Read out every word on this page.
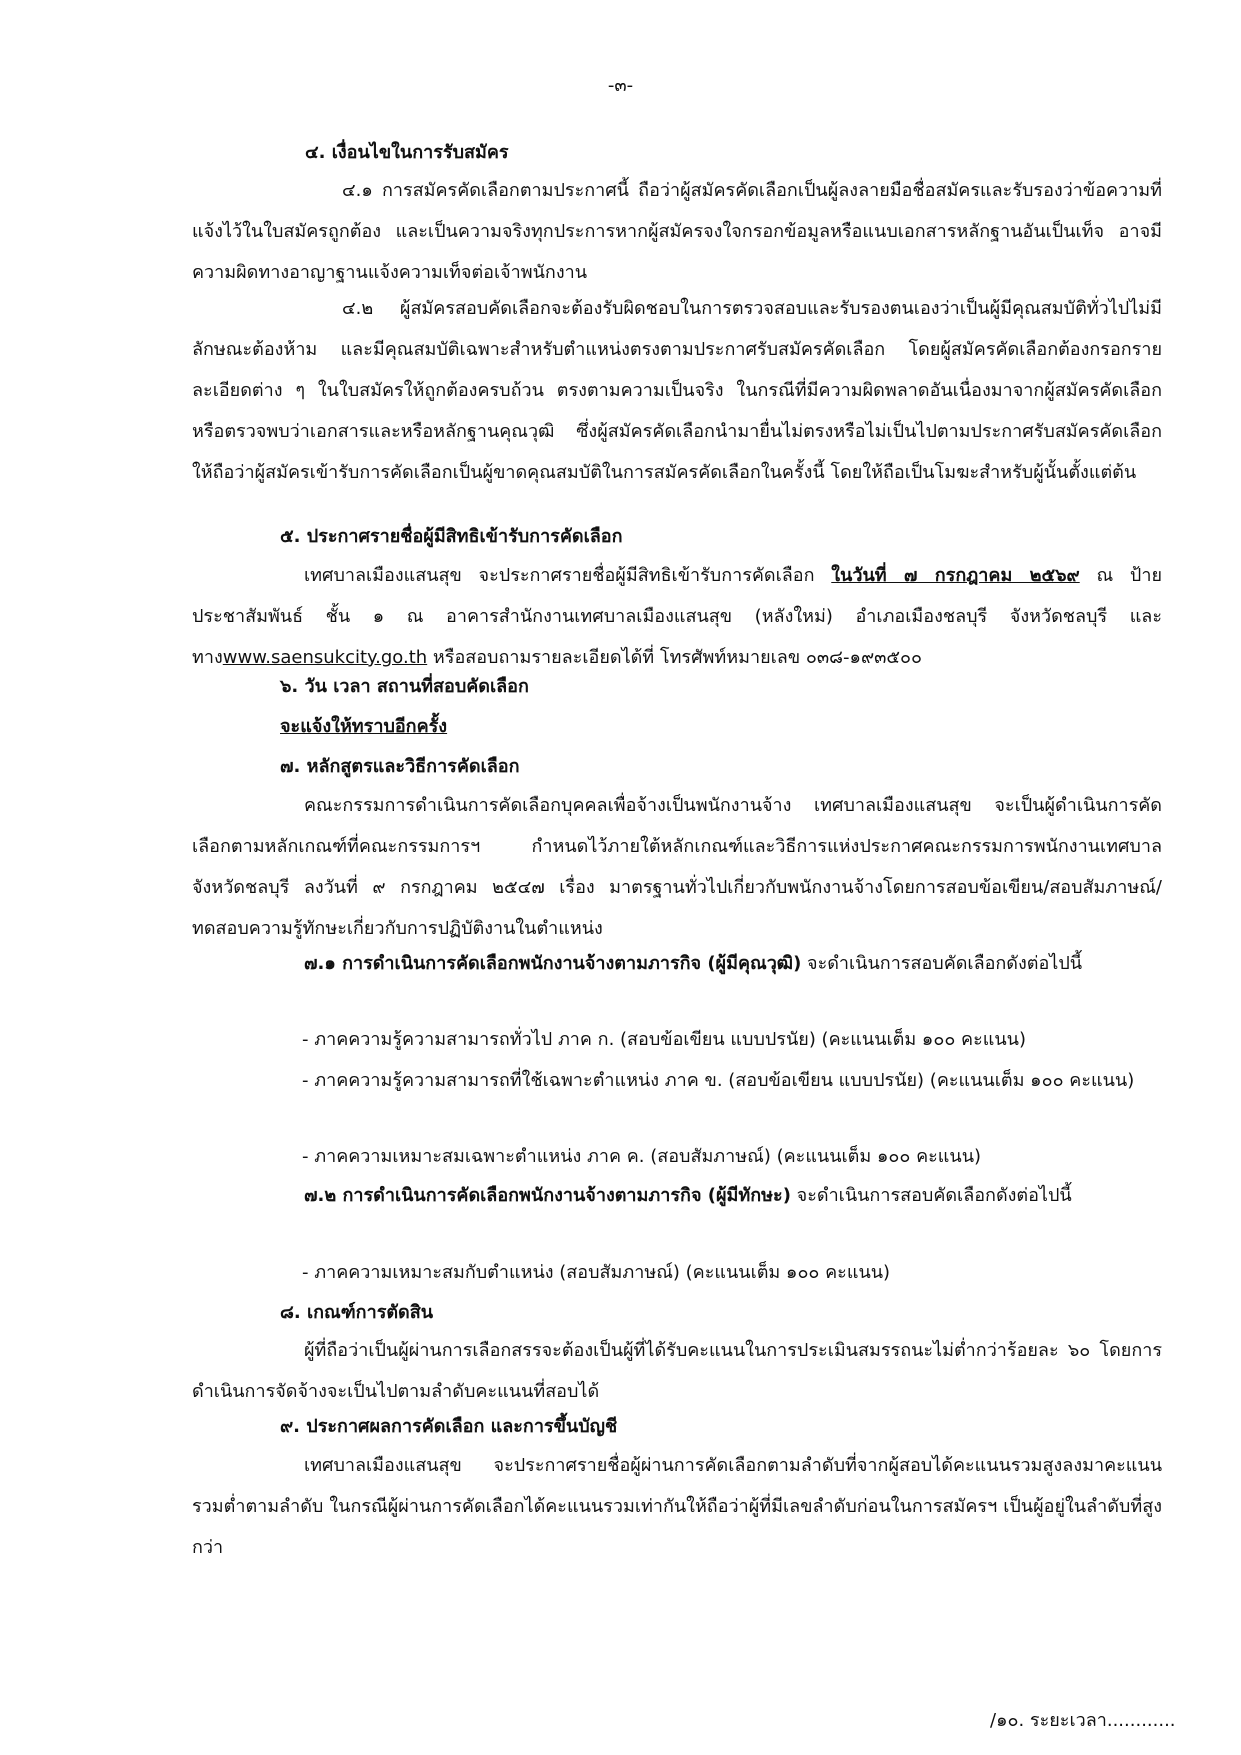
-๓-
๔. เงื่อนไขในการรับสมัคร
๔.๑ การสมัครคัดเลือกตามประกาศนี้ ถือว่าผู้สมัครคัดเลือกเป็นผู้ลงลายมือชื่อสมัครและรับรองว่าข้อความที่แจ้งไว้ในใบสมัครถูกต้อง และเป็นความจริงทุกประการหากผู้สมัครจงใจกรอกข้อมูลหรือแนบเอกสารหลักฐานอันเป็นเท็จ อาจมีความผิดทางอาญาฐานแจ้งความเท็จต่อเจ้าพนักงาน
๔.๒ ผู้สมัครสอบคัดเลือกจะต้องรับผิดชอบในการตรวจสอบและรับรองตนเองว่าเป็นผู้มีคุณสมบัติทั่วไปไม่มีลักษณะต้องห้าม และมีคุณสมบัติเฉพาะสำหรับตำแหน่งตรงตามประกาศรับสมัครคัดเลือก โดยผู้สมัครคัดเลือกต้องกรอกรายละเอียดต่าง ๆ ในใบสมัครให้ถูกต้องครบถ้วน ตรงตามความเป็นจริง ในกรณีที่มีความผิดพลาดอันเนื่องมาจากผู้สมัครคัดเลือก หรือตรวจพบว่าเอกสารและหรือหลักฐานคุณวุฒิ ซึ่งผู้สมัครคัดเลือกนำมายื่นไม่ตรงหรือไม่เป็นไปตามประกาศรับสมัครคัดเลือก ให้ถือว่าผู้สมัครเข้ารับการคัดเลือกเป็นผู้ขาดคุณสมบัติในการสมัครคัดเลือกในครั้งนี้ โดยให้ถือเป็นโมฆะสำหรับผู้นั้นตั้งแต่ต้น
๕. ประกาศรายชื่อผู้มีสิทธิเข้ารับการคัดเลือก
เทศบาลเมืองแสนสุข จะประกาศรายชื่อผู้มีสิทธิเข้ารับการคัดเลือก ในวันที่ ๗ กรกฎาคม ๒๕๖๙ ณ ป้ายประชาสัมพันธ์ ชั้น ๑ ณ อาคารสำนักงานเทศบาลเมืองแสนสุข (หลังใหม่) อำเภอเมืองชลบุรี จังหวัดชลบุรี และทางwww.saensukcity.go.th หรือสอบถามรายละเอียดได้ที่ โทรศัพท์หมายเลข ๐๓๘-๑๙๓๕๐๐
๖. วัน เวลา สถานที่สอบคัดเลือก
จะแจ้งให้ทราบอีกครั้ง
๗. หลักสูตรและวิธีการคัดเลือก
คณะกรรมการดำเนินการคัดเลือกบุคคลเพื่อจ้างเป็นพนักงานจ้าง เทศบาลเมืองแสนสุข จะเป็นผู้ดำเนินการคัดเลือกตามหลักเกณฑ์ที่คณะกรรมการฯ กำหนดไว้ภายใต้หลักเกณฑ์และวิธีการแห่งประกาศคณะกรรมการพนักงานเทศบาลจังหวัดชลบุรี ลงวันที่ ๙ กรกฎาคม ๒๕๔๗ เรื่อง มาตรฐานทั่วไปเกี่ยวกับพนักงานจ้างโดยการสอบข้อเขียน/สอบสัมภาษณ์/ทดสอบความรู้ทักษะเกี่ยวกับการปฏิบัติงานในตำแหน่ง
๗.๑ การดำเนินการคัดเลือกพนักงานจ้างตามภารกิจ (ผู้มีคุณวุฒิ) จะดำเนินการสอบคัดเลือกดังต่อไปนี้
- ภาคความรู้ความสามารถทั่วไป ภาค ก. (สอบข้อเขียน แบบปรนัย) (คะแนนเต็ม ๑๐๐ คะแนน)
- ภาคความรู้ความสามารถที่ใช้เฉพาะตำแหน่ง ภาค ข. (สอบข้อเขียน แบบปรนัย) (คะแนนเต็ม ๑๐๐ คะแนน)
- ภาคความเหมาะสมเฉพาะตำแหน่ง ภาค ค. (สอบสัมภาษณ์) (คะแนนเต็ม ๑๐๐ คะแนน)
๗.๒ การดำเนินการคัดเลือกพนักงานจ้างตามภารกิจ (ผู้มีทักษะ) จะดำเนินการสอบคัดเลือกดังต่อไปนี้
- ภาคความเหมาะสมกับตำแหน่ง (สอบสัมภาษณ์) (คะแนนเต็ม ๑๐๐ คะแนน)
๘. เกณฑ์การตัดสิน
ผู้ที่ถือว่าเป็นผู้ผ่านการเลือกสรรจะต้องเป็นผู้ที่ได้รับคะแนนในการประเมินสมรรถนะไม่ต่ำกว่าร้อยละ ๖๐ โดยการดำเนินการจัดจ้างจะเป็นไปตามลำดับคะแนนที่สอบได้
๙. ประกาศผลการคัดเลือก และการขึ้นบัญชี
เทศบาลเมืองแสนสุข จะประกาศรายชื่อผู้ผ่านการคัดเลือกตามลำดับที่จากผู้สอบได้คะแนนรวมสูงลงมาคะแนนรวมต่ำตามลำดับ ในกรณีผู้ผ่านการคัดเลือกได้คะแนนรวมเท่ากันให้ถือว่าผู้ที่มีเลขลำดับก่อนในการสมัครฯ เป็นผู้อยู่ในลำดับที่สูงกว่า
/๑๐. ระยะเวลา............
